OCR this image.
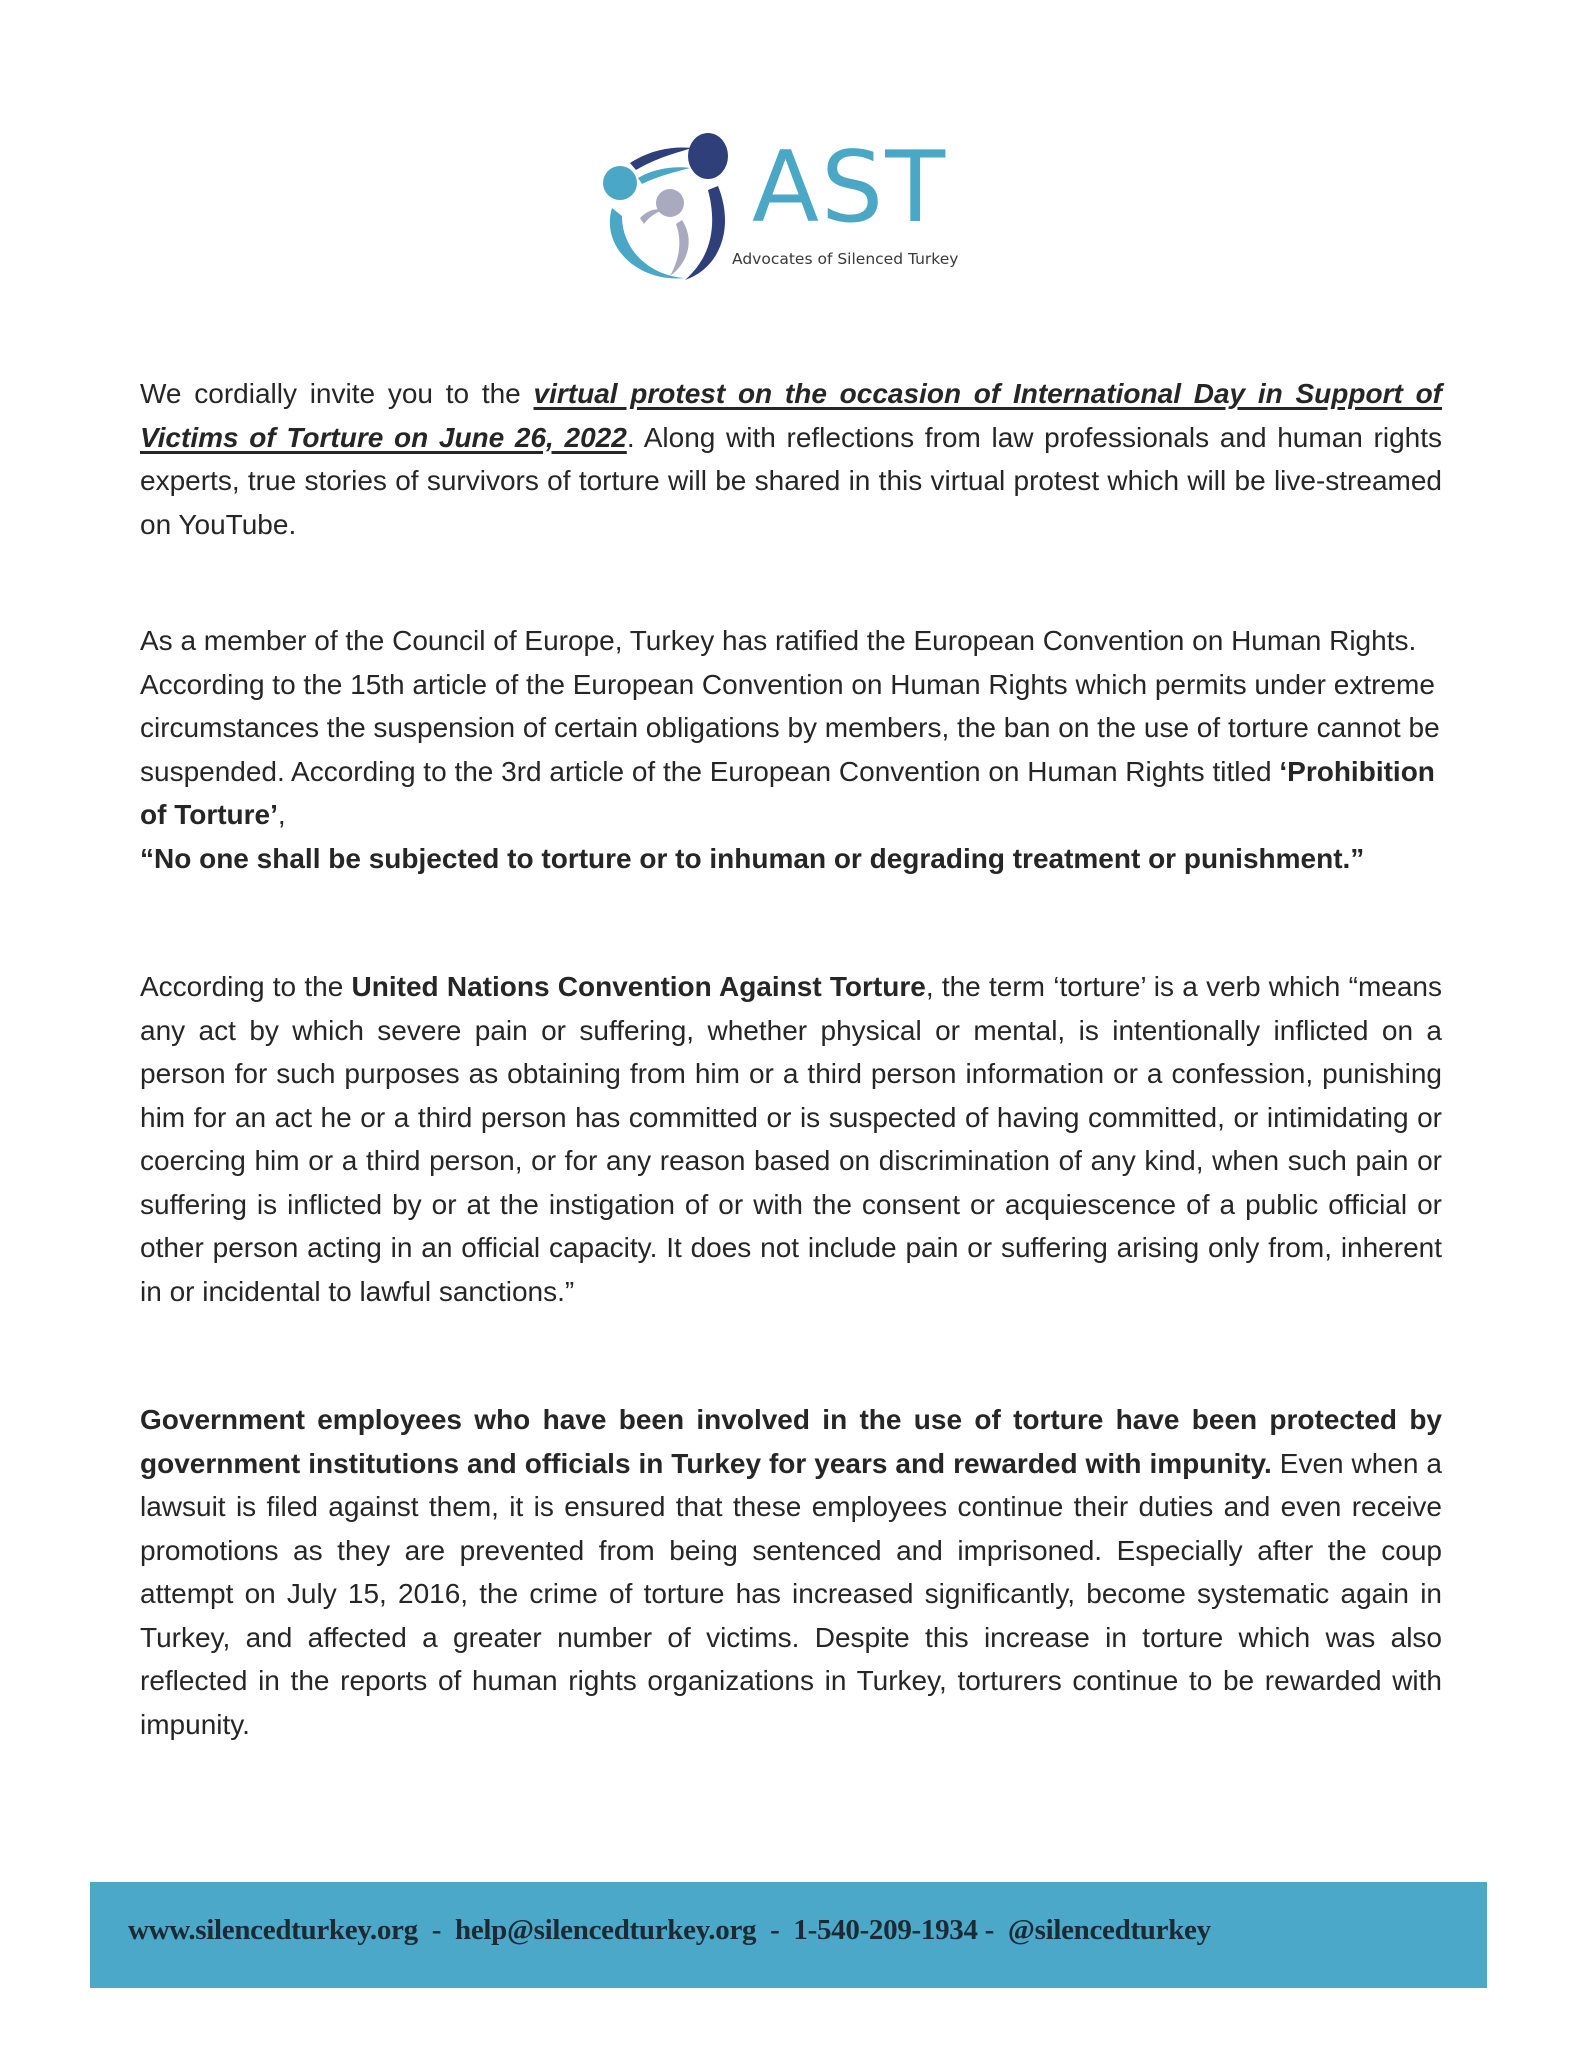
AST
Advocates of Silenced Turkey

We cordially invite you to the virtual protest on the occasion of International Day in Support of Victims of Torture on June 26, 2022. Along with reflections from law professionals and human rights experts, true stories of survivors of torture will be shared in this virtual protest which will be live-streamed on YouTube.

As a member of the Council of Europe, Turkey has ratified the European Convention on Human Rights. According to the 15th article of the European Convention on Human Rights which permits under extreme circumstances the suspension of certain obligations by members, the ban on the use of torture cannot be suspended. According to the 3rd article of the European Convention on Human Rights titled ‘Prohibition of Torture’,
“No one shall be subjected to torture or to inhuman or degrading treatment or punishment.”

According to the United Nations Convention Against Torture, the term ‘torture’ is a verb which “means any act by which severe pain or suffering, whether physical or mental, is intentionally inflicted on a person for such purposes as obtaining from him or a third person information or a confession, punishing him for an act he or a third person has committed or is suspected of having committed, or intimidating or coercing him or a third person, or for any reason based on discrimination of any kind, when such pain or suffering is inflicted by or at the instigation of or with the consent or acquiescence of a public official or other person acting in an official capacity. It does not include pain or suffering arising only from, inherent in or incidental to lawful sanctions.”

Government employees who have been involved in the use of torture have been protected by government institutions and officials in Turkey for years and rewarded with impunity. Even when a lawsuit is filed against them, it is ensured that these employees continue their duties and even receive promotions as they are prevented from being sentenced and imprisoned. Especially after the coup attempt on July 15, 2016, the crime of torture has increased significantly, become systematic again in Turkey, and affected a greater number of victims. Despite this increase in torture which was also reflected in the reports of human rights organizations in Turkey, torturers continue to be rewarded with impunity.

www.silencedturkey.org  -  help@silencedturkey.org  -  1-540-209-1934 -  @silencedturkey
